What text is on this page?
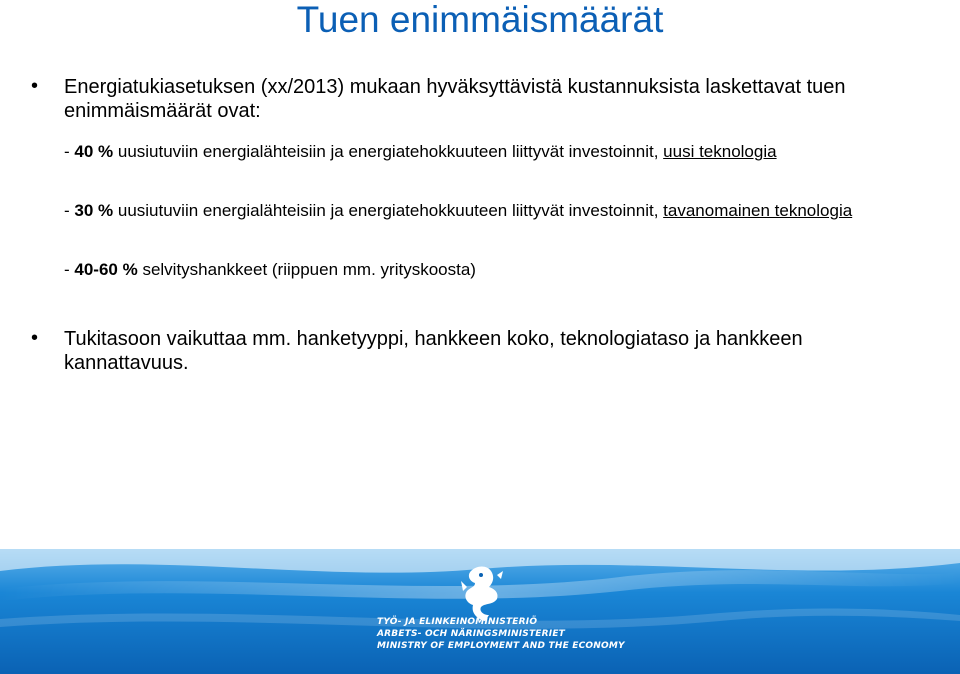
Tuen enimmäismäärät
• Energiatukiasetuksen (xx/2013) mukaan hyväksyttävistä kustannuksista laskettavat tuen enimmäismäärät ovat:
- 40 % uusiutuviin energialähteisiin ja energiatehokkuuteen liittyvät investoinnit, uusi teknologia
- 30 % uusiutuviin energialähteisiin ja energiatehokkuuteen liittyvät investoinnit, tavanomainen teknologia
- 40-60 % selvityshankkeet (riippuen mm. yrityskoosta)
• Tukitasoon vaikuttaa mm. hanketyyppi, hankkeen koko, teknologiataso ja hankkeen kannattavuus.
TYÖ- JA ELINKEINOMINISTERIÖ
ARBETS- OCH NÄRINGSMINISTERIET
MINISTRY OF EMPLOYMENT AND THE ECONOMY
